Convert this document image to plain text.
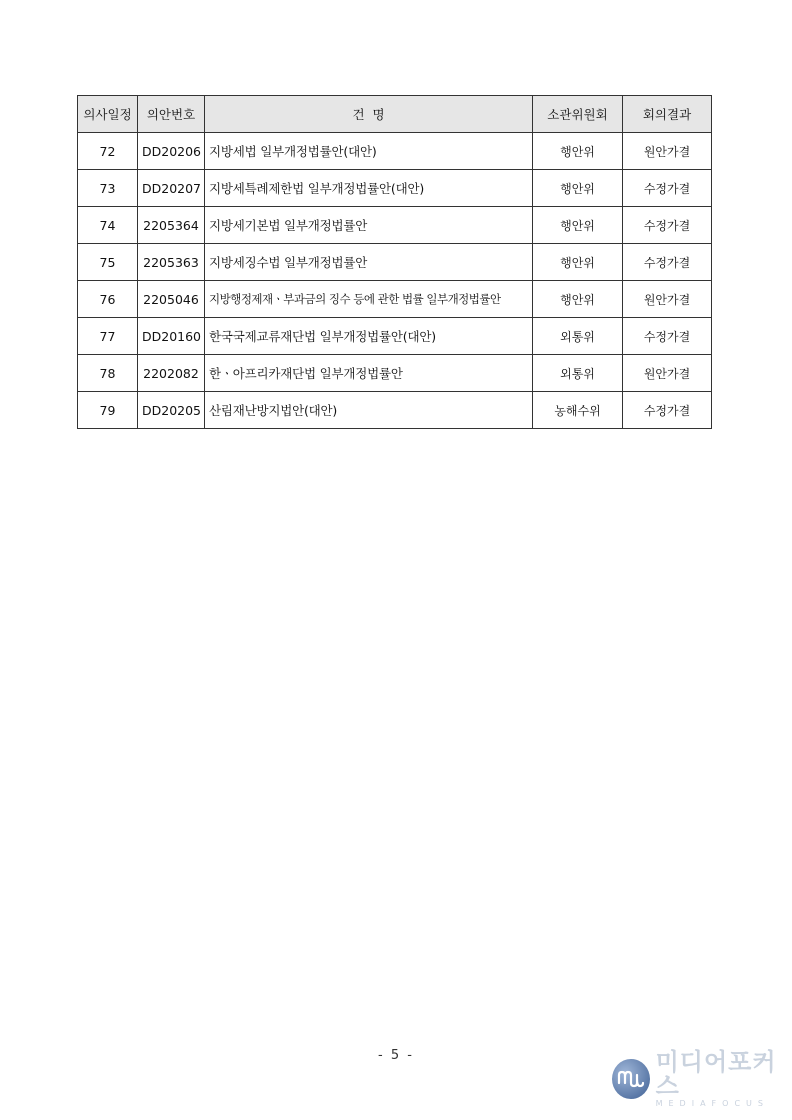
의사일정	의안번호	건  명	소관위원회	회의결과
72	DD20206	지방세법 일부개정법률안(대안)	행안위	원안가결
73	DD20207	지방세특례제한법 일부개정법률안(대안)	행안위	수정가결
74	2205364	지방세기본법 일부개정법률안	행안위	수정가결
75	2205363	지방세징수법 일부개정법률안	행안위	수정가결
76	2205046	지방행정제재ㆍ부과금의 징수 등에 관한 법률 일부개정법률안	행안위	원안가결
77	DD20160	한국국제교류재단법 일부개정법률안(대안)	외통위	수정가결
78	2202082	한ㆍ아프리카재단법 일부개정법률안	외통위	원안가결
79	DD20205	산림재난방지법안(대안)	농해수위	수정가결
- 5 -	미디어포커스
MEDIAFOCUS
